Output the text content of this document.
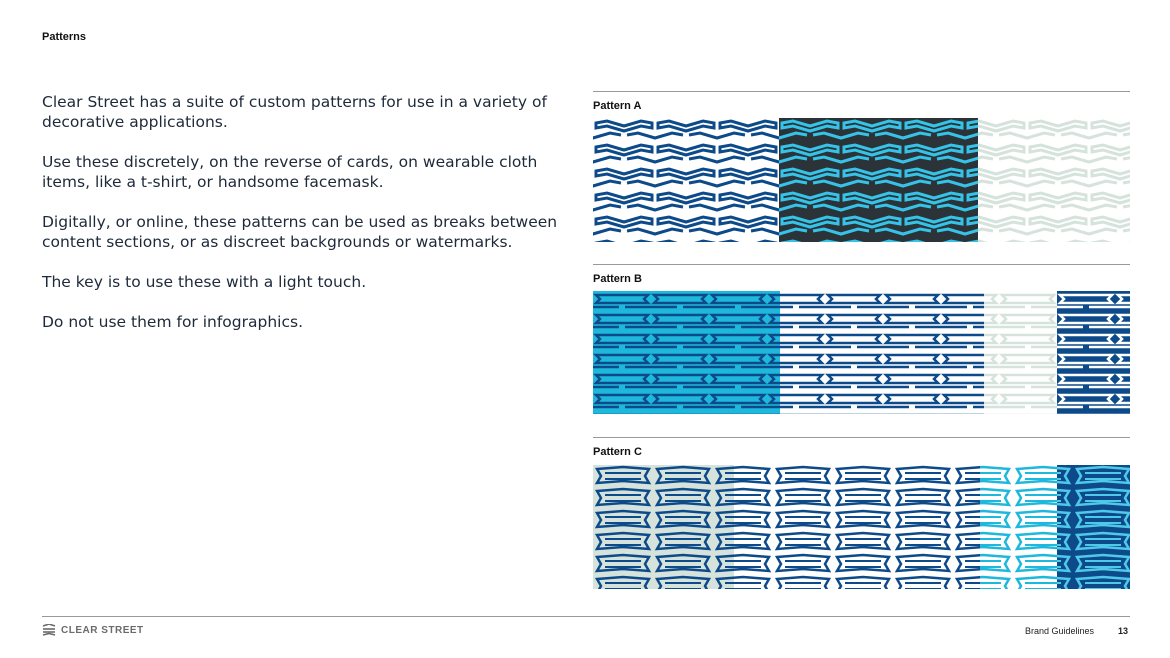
Patterns

Clear Street has a suite of custom patterns for use in a variety of decorative applications.

Use these discretely, on the reverse of cards, on wearable cloth items, like a t-shirt, or handsome facemask.

Digitally, or online, these patterns can be used as breaks between content sections, or as discreet backgrounds or watermarks.

The key is to use these with a light touch.

Do not use them for infographics.

Pattern A
Pattern B
Pattern C
CLEAR STREET	Brand Guidelines	13
